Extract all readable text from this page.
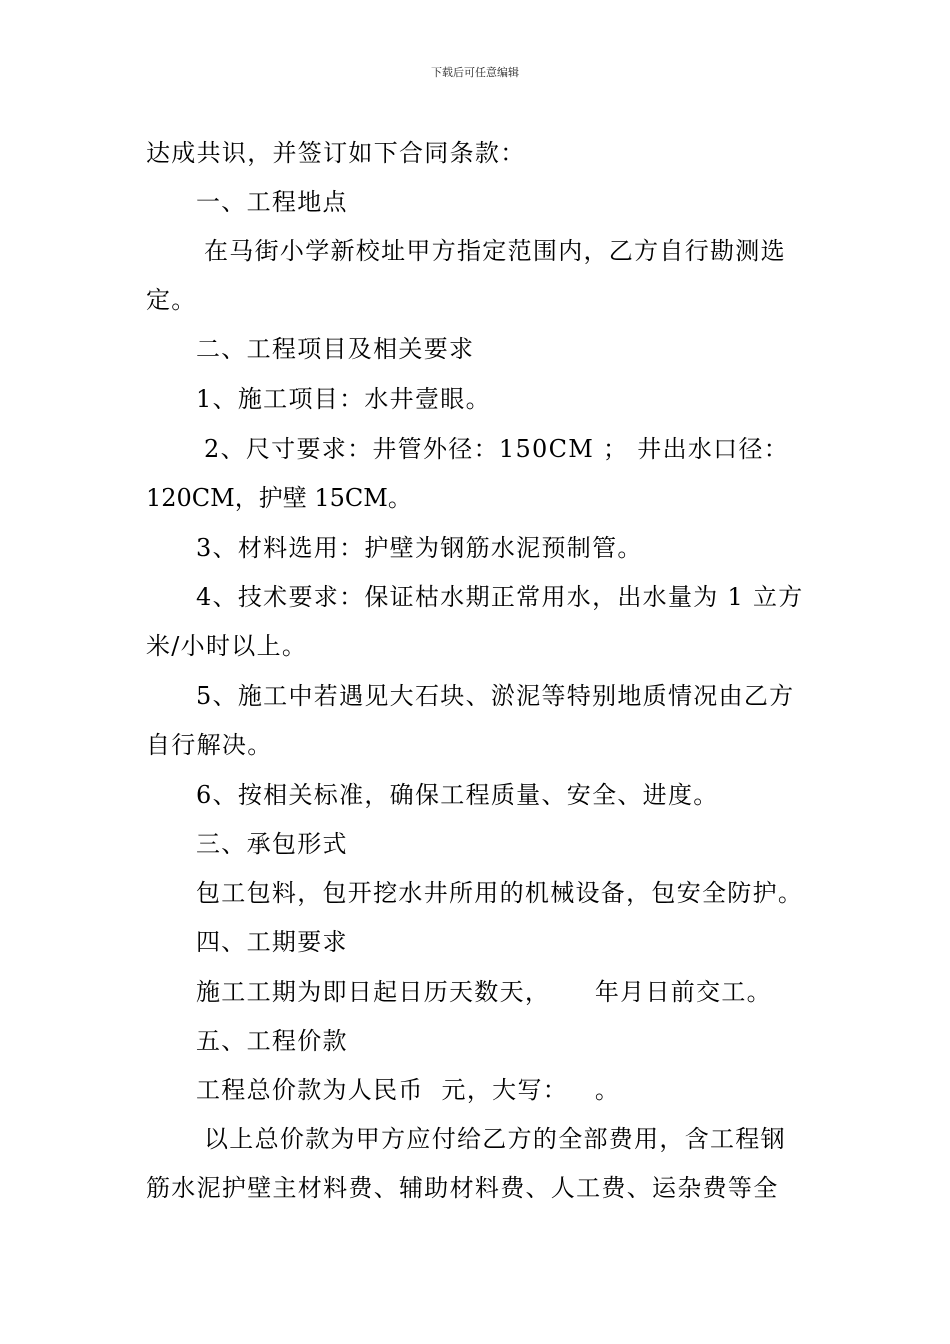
下载后可任意编辑
达成共识，并签订如下合同条款：
一、工程地点
在马街小学新校址甲方指定范围内，乙方自行勘测选
定。
二、工程项目及相关要求
1、施工项目：水井壹眼。
2、尺寸要求：井管外径：150CM ； 井出水口径：
120CM，护壁 15CM。
3、材料选用：护壁为钢筋水泥预制管。
4、技术要求：保证枯水期正常用水，出水量为 1 立方
米/小时以上。
5、施工中若遇见大石块、淤泥等特别地质情况由乙方
自行解决。
6、按相关标准，确保工程质量、安全、进度。
三、承包形式
包工包料，包开挖水井所用的机械设备，包安全防护。
四、工期要求
施工工期为即日起日历天数天，     年月日前交工。
五、工程价款
工程总价款为人民币  元，大写：   。
以上总价款为甲方应付给乙方的全部费用，含工程钢
筋水泥护壁主材料费、辅助材料费、人工费、运杂费等全
